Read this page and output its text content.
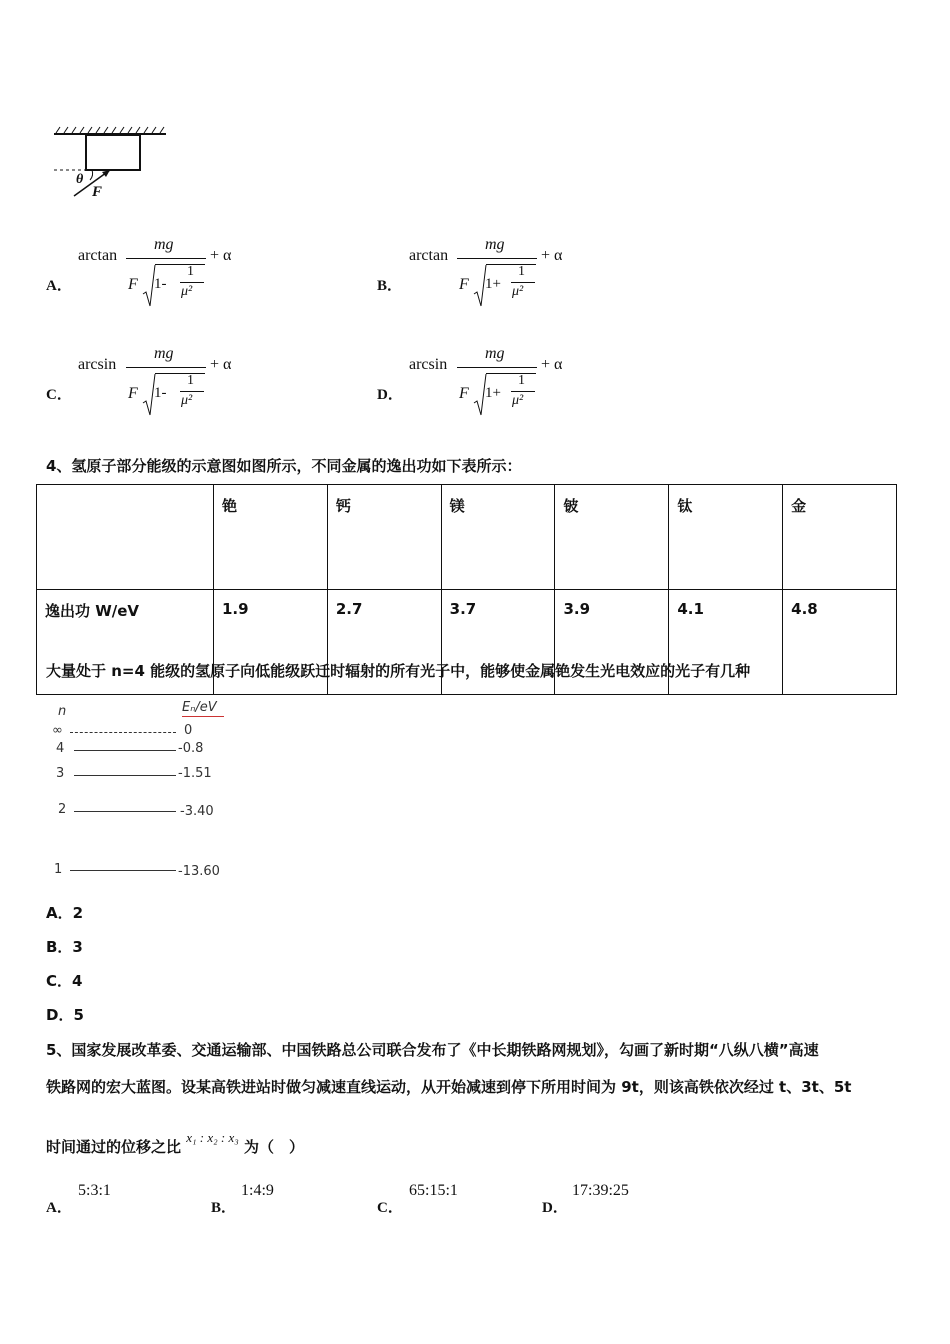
θ
F
A．
arctan
mg
+ α
F 1-
1
μ²	B．
arctan
mg
+ α
F 1+
1
μ²
C．
arcsin
mg
+ α
F 1-
1
μ²	D．
arcsin
mg
+ α
F 1+
1
μ²
4、氢原子部分能级的示意图如图所示，不同金属的逸出功如下表所示：
	铯	钙	镁	铍	钛	金
逸出功 W/eV	1.9	2.7	3.7	3.9	4.1	4.8
大量处于 n=4 能级的氢原子向低能级跃迁时辐射的所有光子中，能够使金属铯发生光电效应的光子有几种
n	Eₙ/eV
∞	0
4	-0.8
3	-1.51
2	-3.40
1	-13.60
A．2
B．3
C．4
D．5
5、国家发展改革委、交通运输部、中国铁路总公司联合发布了《中长期铁路网规划》，勾画了新时期“八纵八横”高速
铁路网的宏大蓝图。设某高铁进站时做匀减速直线运动，从开始减速到停下所用时间为 9t，则该高铁依次经过 t、3t、5t
时间通过的位移之比 x₁ : x₂ : x₃ 为（　）
A．
5:3:1
B．
1:4:9
C．
65:15:1
D．
17:39:25
